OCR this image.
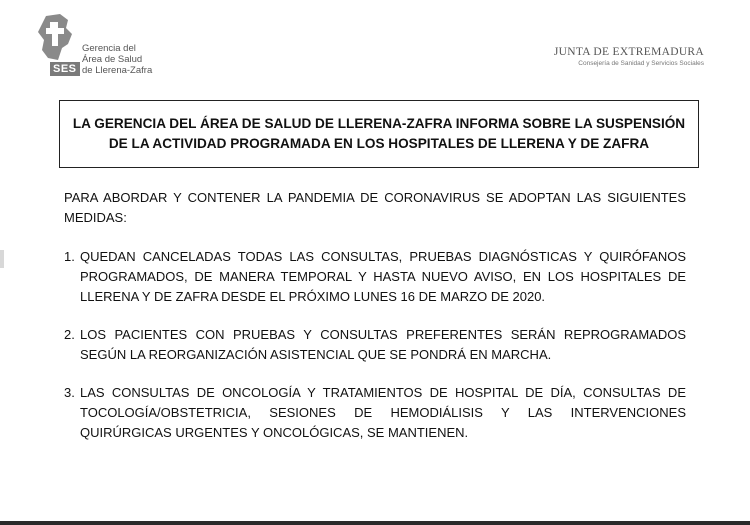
SES
Gerencia del
Área de Salud
de Llerena-Zafra
JUNTA DE EXTREMADURA
Consejería de Sanidad y Servicios Sociales
LA GERENCIA DEL ÁREA DE SALUD DE LLERENA-ZAFRA INFORMA SOBRE LA SUSPENSIÓN DE LA ACTIVIDAD PROGRAMADA EN LOS HOSPITALES DE LLERENA Y DE ZAFRA
PARA ABORDAR Y CONTENER LA PANDEMIA DE CORONAVIRUS SE ADOPTAN LAS SIGUIENTES MEDIDAS:
1. QUEDAN CANCELADAS TODAS LAS CONSULTAS, PRUEBAS DIAGNÓSTICAS Y QUIRÓFANOS PROGRAMADOS, DE MANERA TEMPORAL Y HASTA NUEVO AVISO, EN LOS HOSPITALES DE LLERENA Y DE ZAFRA DESDE EL PRÓXIMO LUNES 16 DE MARZO DE 2020.
2. LOS PACIENTES CON PRUEBAS Y CONSULTAS PREFERENTES SERÁN REPROGRAMADOS SEGÚN LA REORGANIZACIÓN ASISTENCIAL QUE SE PONDRÁ EN MARCHA.
3. LAS CONSULTAS DE ONCOLOGÍA Y TRATAMIENTOS DE HOSPITAL DE DÍA, CONSULTAS DE TOCOLOGÍA/OBSTETRICIA, SESIONES DE HEMODIÁLISIS Y LAS INTERVENCIONES QUIRÚRGICAS URGENTES Y ONCOLÓGICAS, SE MANTIENEN.
